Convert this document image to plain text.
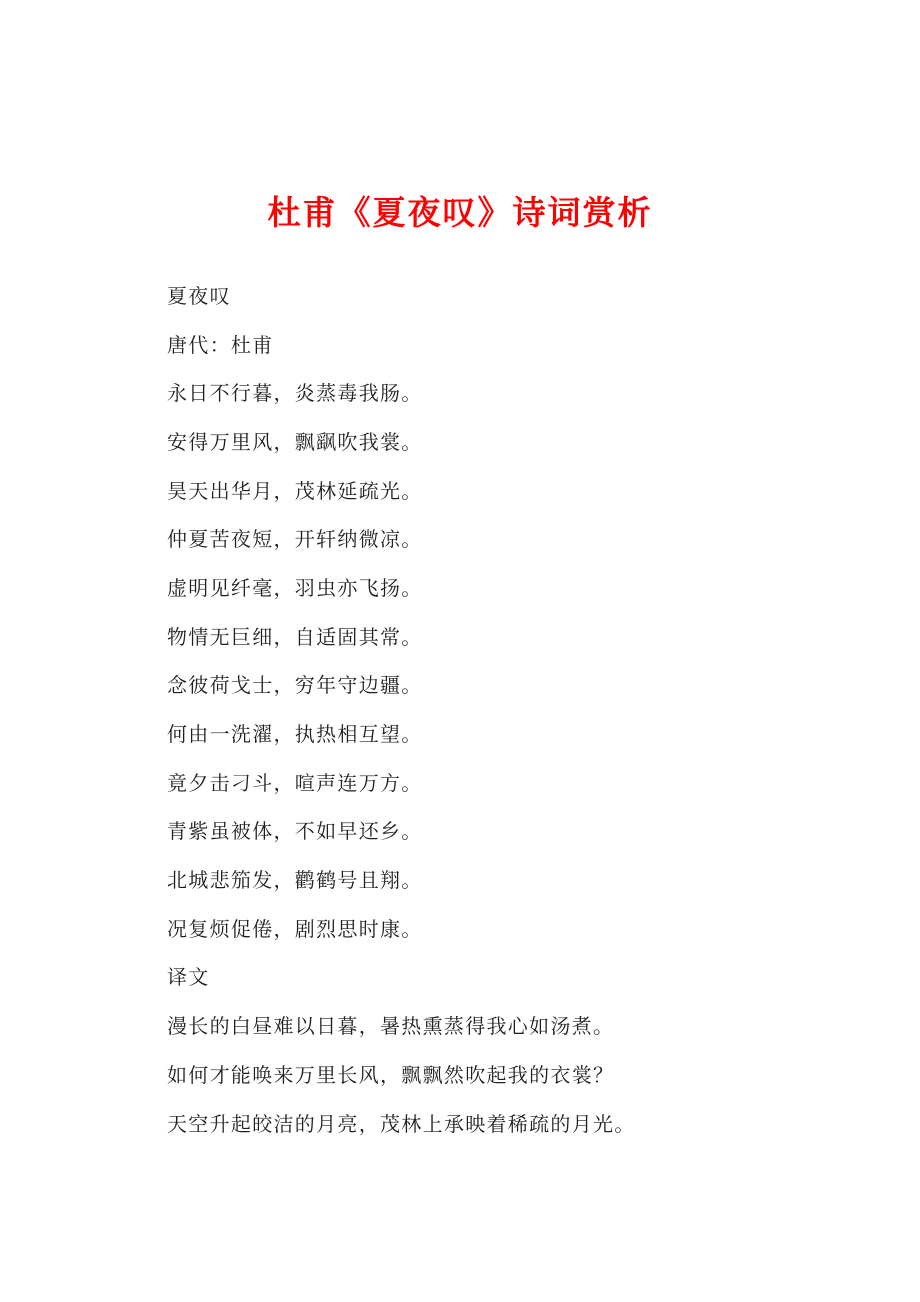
杜甫《夏夜叹》诗词赏析

夏夜叹

唐代：杜甫

永日不行暮，炎蒸毒我肠。

安得万里风，飘飖吹我裳。

昊天出华月，茂林延疏光。

仲夏苦夜短，开轩纳微凉。

虚明见纤毫，羽虫亦飞扬。

物情无巨细，自适固其常。

念彼荷戈士，穷年守边疆。

何由一洗濯，执热相互望。

竟夕击刁斗，喧声连万方。

青紫虽被体，不如早还乡。

北城悲笳发，鹳鹤号且翔。

况复烦促倦，剧烈思时康。

译文

漫长的白昼难以日暮，暑热熏蒸得我心如汤煮。

如何才能唤来万里长风，飘飘然吹起我的衣裳？

天空升起皎洁的月亮，茂林上承映着稀疏的月光。
